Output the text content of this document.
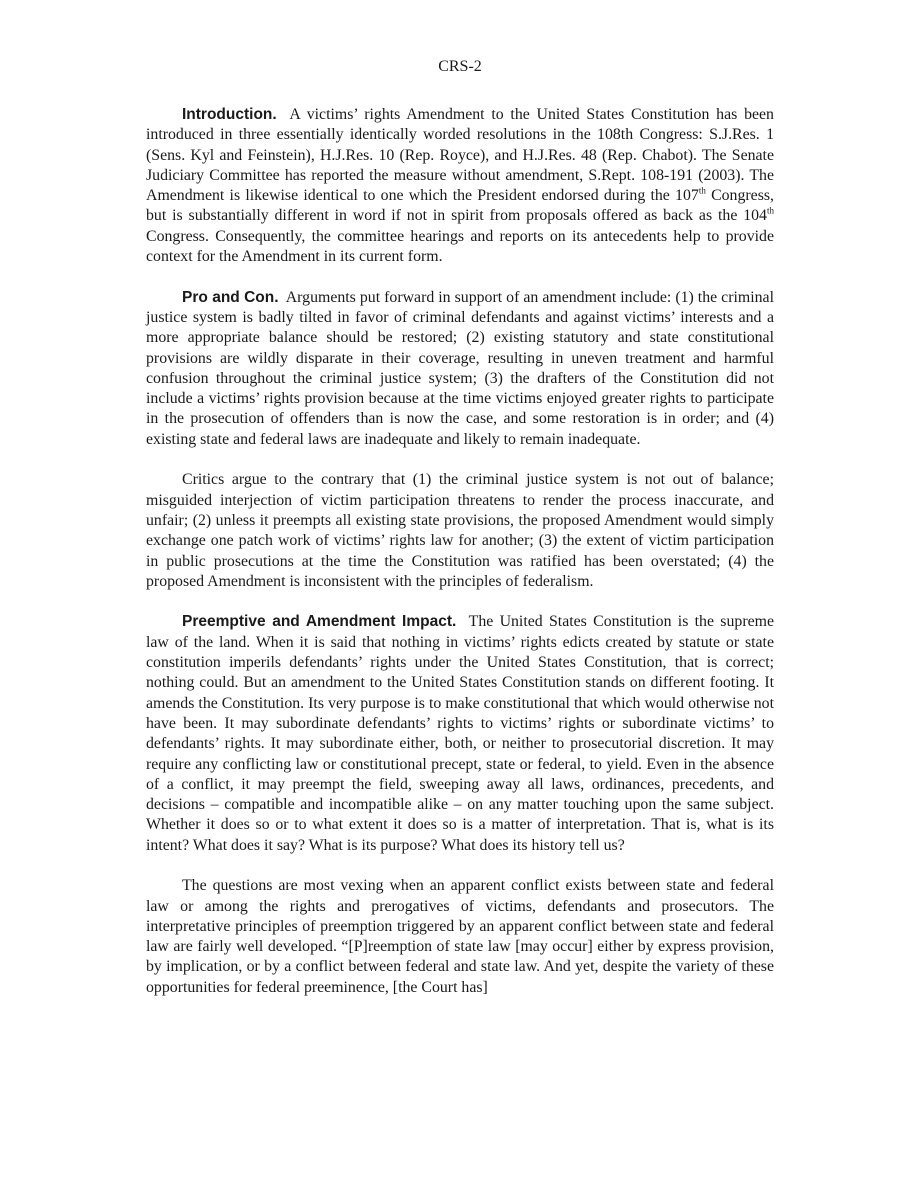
CRS-2

Introduction. A victims’ rights Amendment to the United States Constitution has been introduced in three essentially identically worded resolutions in the 108th Congress: S.J.Res. 1 (Sens. Kyl and Feinstein), H.J.Res. 10 (Rep. Royce), and H.J.Res. 48 (Rep. Chabot). The Senate Judiciary Committee has reported the measure without amendment, S.Rept. 108-191 (2003). The Amendment is likewise identical to one which the President endorsed during the 107th Congress, but is substantially different in word if not in spirit from proposals offered as back as the 104th Congress. Consequently, the committee hearings and reports on its antecedents help to provide context for the Amendment in its current form.

Pro and Con. Arguments put forward in support of an amendment include: (1) the criminal justice system is badly tilted in favor of criminal defendants and against victims’ interests and a more appropriate balance should be restored; (2) existing statutory and state constitutional provisions are wildly disparate in their coverage, resulting in uneven treatment and harmful confusion throughout the criminal justice system; (3) the drafters of the Constitution did not include a victims’ rights provision because at the time victims enjoyed greater rights to participate in the prosecution of offenders than is now the case, and some restoration is in order; and (4) existing state and federal laws are inadequate and likely to remain inadequate.

Critics argue to the contrary that (1) the criminal justice system is not out of balance; misguided interjection of victim participation threatens to render the process inaccurate, and unfair; (2) unless it preempts all existing state provisions, the proposed Amendment would simply exchange one patch work of victims’ rights law for another; (3) the extent of victim participation in public prosecutions at the time the Constitution was ratified has been overstated; (4) the proposed Amendment is inconsistent with the principles of federalism.

Preemptive and Amendment Impact. The United States Constitution is the supreme law of the land. When it is said that nothing in victims’ rights edicts created by statute or state constitution imperils defendants’ rights under the United States Constitution, that is correct; nothing could. But an amendment to the United States Constitution stands on different footing. It amends the Constitution. Its very purpose is to make constitutional that which would otherwise not have been. It may subordinate defendants’ rights to victims’ rights or subordinate victims’ to defendants’ rights. It may subordinate either, both, or neither to prosecutorial discretion. It may require any conflicting law or constitutional precept, state or federal, to yield. Even in the absence of a conflict, it may preempt the field, sweeping away all laws, ordinances, precedents, and decisions – compatible and incompatible alike – on any matter touching upon the same subject. Whether it does so or to what extent it does so is a matter of interpretation. That is, what is its intent? What does it say? What is its purpose? What does its history tell us?

The questions are most vexing when an apparent conflict exists between state and federal law or among the rights and prerogatives of victims, defendants and prosecutors. The interpretative principles of preemption triggered by an apparent conflict between state and federal law are fairly well developed. “[P]reemption of state law [may occur] either by express provision, by implication, or by a conflict between federal and state law. And yet, despite the variety of these opportunities for federal preeminence, [the Court has]
